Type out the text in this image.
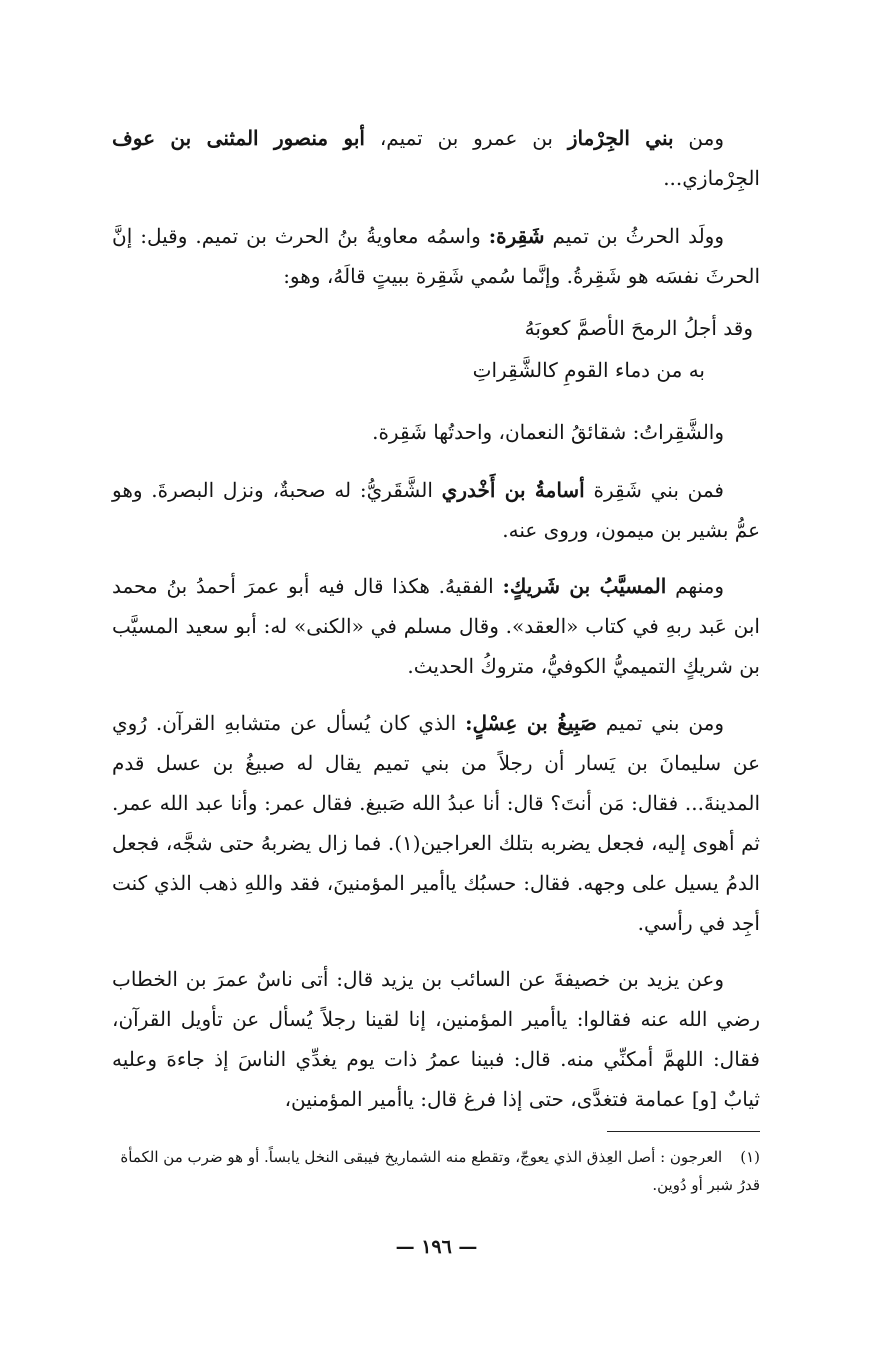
ومن بني الجِرْماز بن عمرو بن تميم، أبو منصور المثنى بن عوف الجِرْمازي...

وولَد الحرثُ بن تميم شَقِرة: واسمُه معاويةُ بنُ الحرث بن تميم. وقيل: إنَّ الحرثَ نفسَه هو شَقِرةُ. وإنَّما سُمي شَقِرة ببيتٍ قالَهُ، وهو:

وقد أجلُ الرمحَ الأصمَّ كعوبَهُ

به من دماء القومِ كالشَّقِراتِ

والشَّقِراتُ: شقائقُ النعمان، واحدتُها شَقِرة.

فمن بني شَقِرة أسامةُ بن أَخْدري الشَّقَريُّ: له صحبةٌ، ونزل البصرةَ. وهو عمُّ بشير بن ميمون، وروى عنه.

ومنهم المسيَّبُ بن شَريكٍ: الفقيهُ. هكذا قال فيه أبو عمرَ أحمدُ بنُ محمد ابن عَبد ربهِ في كتاب «العقد». وقال مسلم في «الكنى» له: أبو سعيد المسيَّب بن شريكٍ التميميُّ الكوفيُّ، متروكُ الحديث.

ومن بني تميم صَبِيغُ بن عِسْلٍ: الذي كان يُسأل عن متشابهِ القرآن. رُوي عن سليمانَ بن يَسار أن رجلاً من بني تميم يقال له صبيغُ بن عسل قدم المدينةَ... فقال: مَن أنتَ؟ قال: أنا عبدُ الله صَبيغ. فقال عمر: وأنا عبد الله عمر. ثم أهوى إليه، فجعل يضربه بتلك العراجين(١). فما زال يضربهُ حتى شجَّه، فجعل الدمُ يسيل على وجهه. فقال: حسبُك ياأمير المؤمنينَ، فقد واللهِ ذهب الذي كنت أجِد في رأسي.

وعن يزيد بن خصيفةَ عن السائب بن يزيد قال: أتى ناسٌ عمرَ بن الخطاب رضي الله عنه فقالوا: ياأمير المؤمنين، إنا لقينا رجلاً يُسأل عن تأويل القرآن، فقال: اللهمَّ أمكنِّي منه. قال: فبينا عمرُ ذات يوم يغدِّي الناسَ إذ جاءهَ وعليه ثيابٌ [و] عمامة فتغدَّى، حتى إذا فرغ قال: ياأمير المؤمنين،

(١)العرجون : أصل العِذق الذي يعوجّ، وتقطع منه الشماريخ فيبقى النخل يابساً. أو هو ضرب من الكمأة قدرُ شبر أو دُوين.

— ١٩٦ —
